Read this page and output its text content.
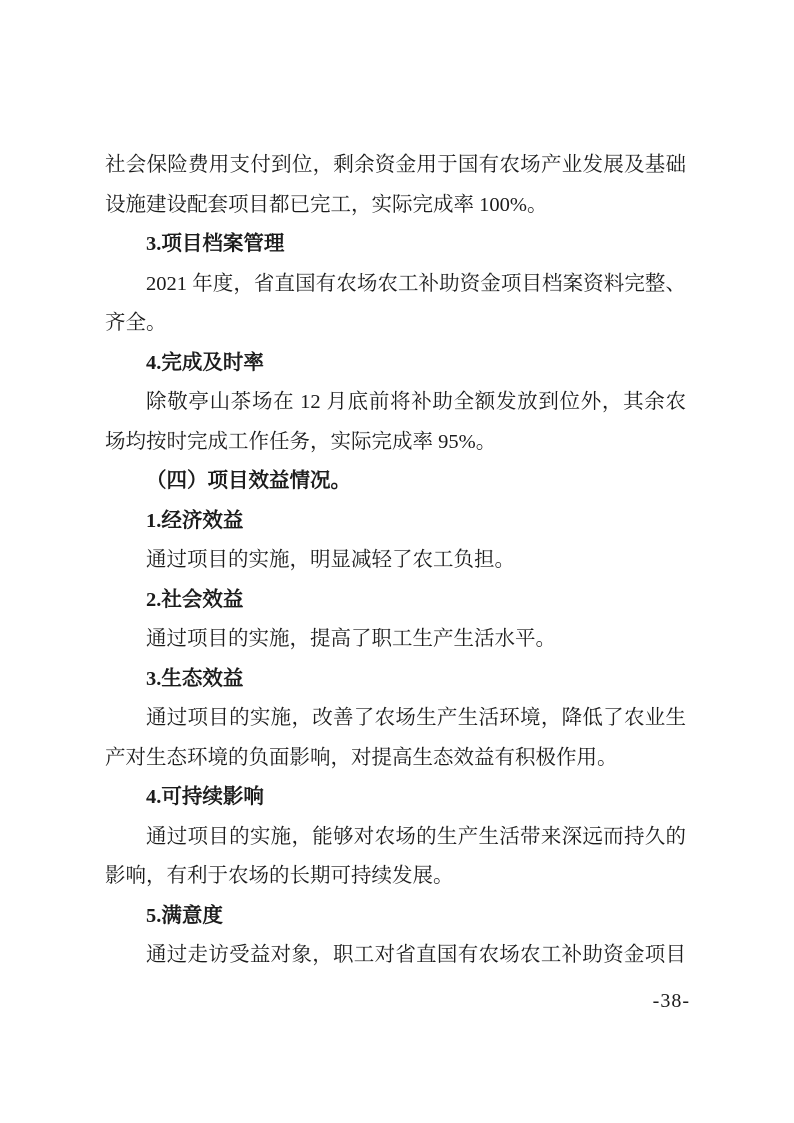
社会保险费用支付到位，剩余资金用于国有农场产业发展及基础
设施建设配套项目都已完工，实际完成率 100%。
3.项目档案管理
2021 年度，省直国有农场农工补助资金项目档案资料完整、
齐全。
4.完成及时率
除敬亭山茶场在 12 月底前将补助全额发放到位外，其余农
场均按时完成工作任务，实际完成率 95%。
（四）项目效益情况。
1.经济效益
通过项目的实施，明显减轻了农工负担。
2.社会效益
通过项目的实施，提高了职工生产生活水平。
3.生态效益
通过项目的实施，改善了农场生产生活环境，降低了农业生
产对生态环境的负面影响，对提高生态效益有积极作用。
4.可持续影响
通过项目的实施，能够对农场的生产生活带来深远而持久的
影响，有利于农场的长期可持续发展。
5.满意度
通过走访受益对象，职工对省直国有农场农工补助资金项目
-38-
